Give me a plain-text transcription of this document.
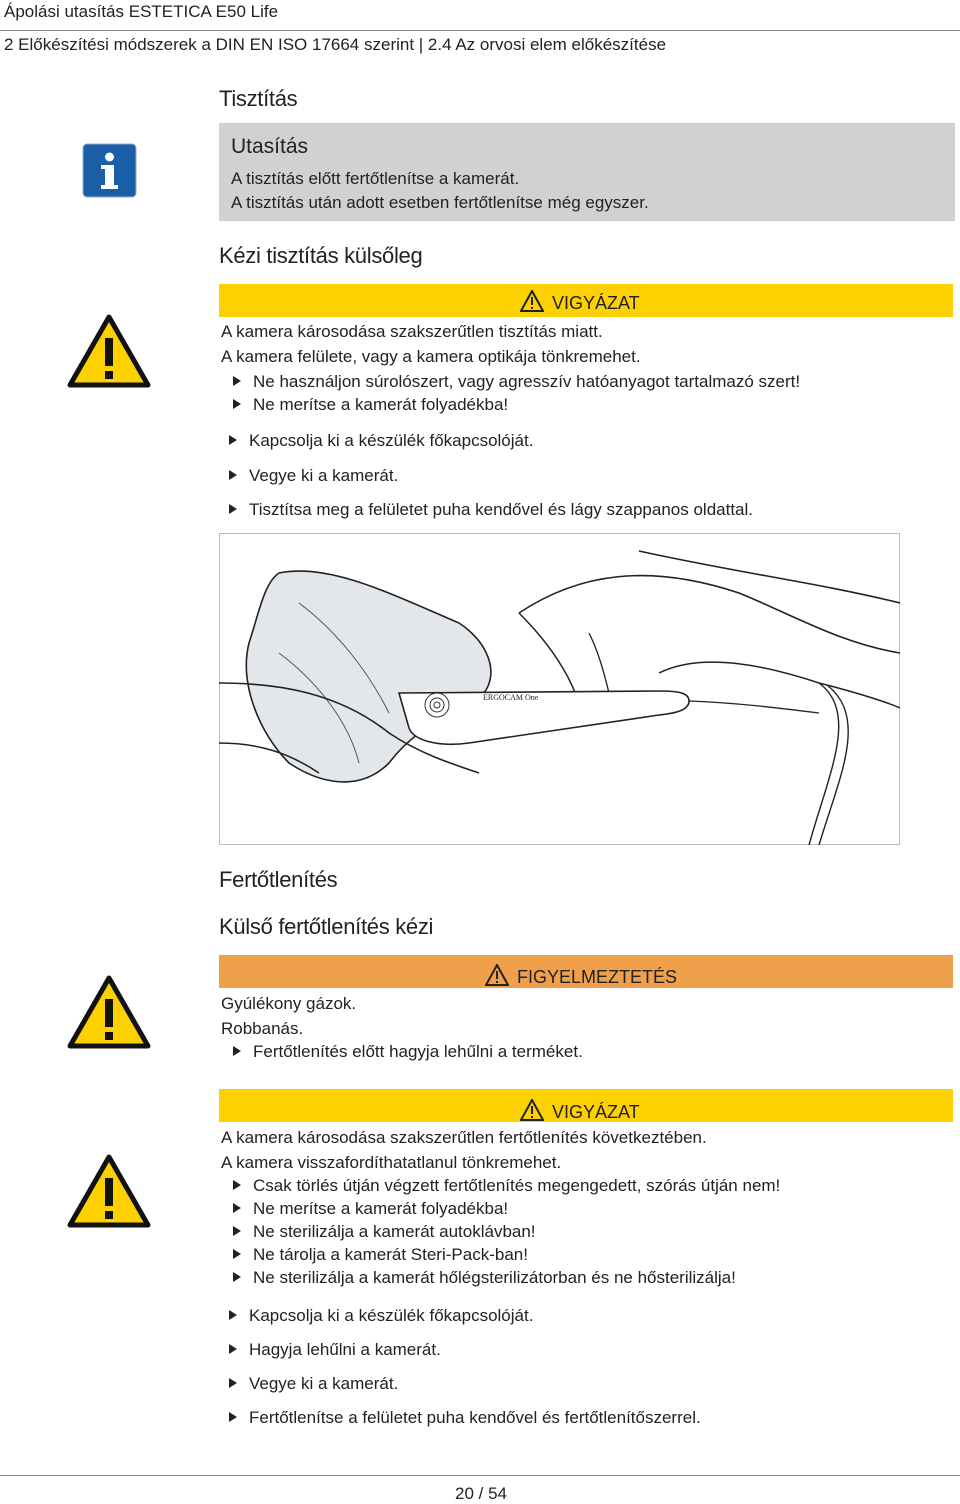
Ápolási utasítás ESTETICA E50 Life
2 Előkészítési módszerek a DIN EN ISO 17664 szerint | 2.4 Az orvosi elem előkészítése
Tisztítás
Utasítás
A tisztítás előtt fertőtlenítse a kamerát.
A tisztítás után adott esetben fertőtlenítse még egyszer.
Kézi tisztítás külsőleg
VIGYÁZAT
A kamera károsodása szakszerűtlen tisztítás miatt.
A kamera felülete, vagy a kamera optikája tönkremehet.
Ne használjon súrolószert, vagy agresszív hatóanyagot tartalmazó szert!
Ne merítse a kamerát folyadékba!
Kapcsolja ki a készülék főkapcsolóját.
Vegye ki a kamerát.
Tisztítsa meg a felületet puha kendővel és lágy szappanos oldattal.
ERGOCAM One
Fertőtlenítés
Külső fertőtlenítés kézi
FIGYELMEZTETÉS
Gyúlékony gázok.
Robbanás.
Fertőtlenítés előtt hagyja lehűlni a terméket.
VIGYÁZAT
A kamera károsodása szakszerűtlen fertőtlenítés következtében.
A kamera visszafordíthatatlanul tönkremehet.
Csak törlés útján végzett fertőtlenítés megengedett, szórás útján nem!
Ne merítse a kamerát folyadékba!
Ne sterilizálja a kamerát autoklávban!
Ne tárolja a kamerát Steri-Pack-ban!
Ne sterilizálja a kamerát hőlégsterilizátorban és ne hősterilizálja!
Kapcsolja ki a készülék főkapcsolóját.
Hagyja lehűlni a kamerát.
Vegye ki a kamerát.
Fertőtlenítse a felületet puha kendővel és fertőtlenítőszerrel.
20 / 54
